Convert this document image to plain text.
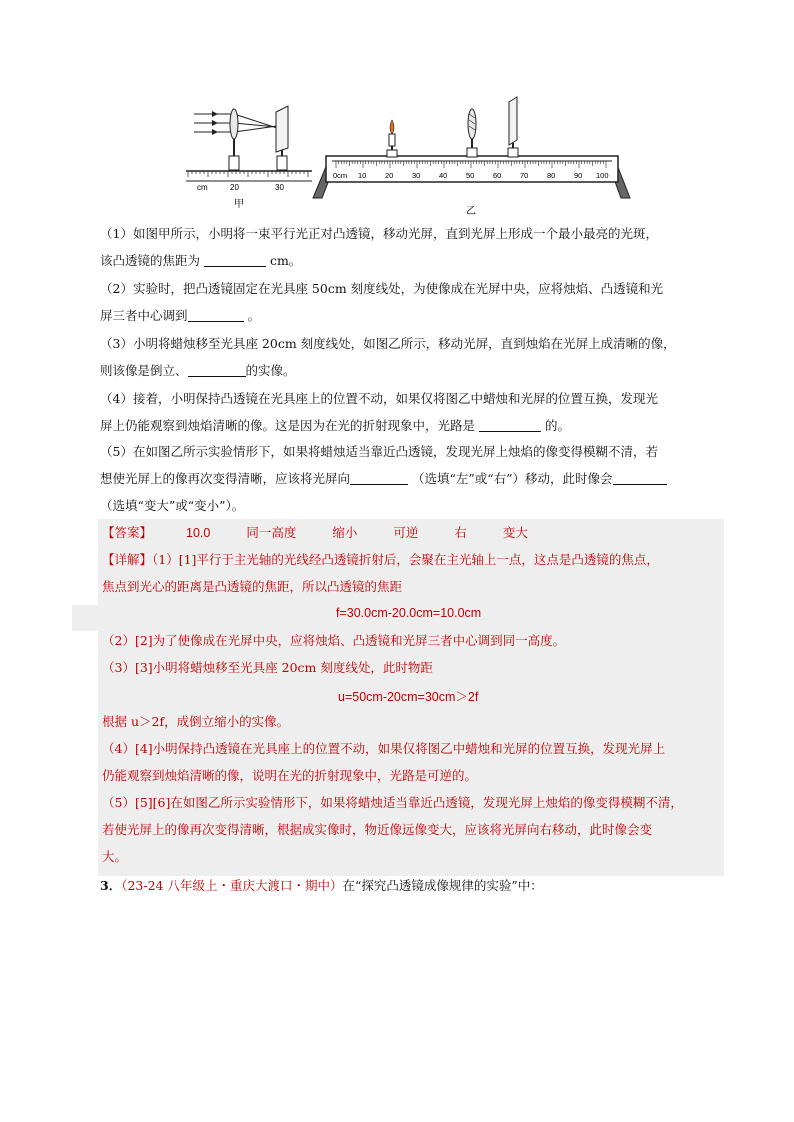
cm	20	30
甲
0cm 10 20 30 40 50 60 70 80 90 100
乙
（1）如图甲所示，小明将一束平行光正对凸透镜，移动光屏，直到光屏上形成一个最小最亮的光斑，
该凸透镜的焦距为	cm。
（2）实验时，把凸透镜固定在光具座 50cm 刻度线处，为使像成在光屏中央，应将烛焰、凸透镜和光
屏三者中心调到	。
（3）小明将蜡烛移至光具座 20cm 刻度线处，如图乙所示，移动光屏，直到烛焰在光屏上成清晰的像，
则该像是倒立、	的实像。
（4）接着，小明保持凸透镜在光具座上的位置不动，如果仅将图乙中蜡烛和光屏的位置互换，发现光
屏上仍能观察到烛焰清晰的像。这是因为在光的折射现象中，光路是	的。
（5）在如图乙所示实验情形下，如果将蜡烛适当靠近凸透镜，发现光屏上烛焰的像变得模糊不清，若
想使光屏上的像再次变得清晰，应该将光屏向	（选填“左”或“右”）移动，此时像会
（选填“变大”或“变小”）。
【答案】	10.0	同一高度	缩小	可逆	右	变大
【详解】（1）[1]平行于主光轴的光线经凸透镜折射后，会聚在主光轴上一点，这点是凸透镜的焦点，
焦点到光心的距离是凸透镜的焦距，所以凸透镜的焦距
f=30.0cm-20.0cm=10.0cm
（2）[2]为了使像成在光屏中央，应将烛焰、凸透镜和光屏三者中心调到同一高度。
（3）[3]小明将蜡烛移至光具座 20cm 刻度线处，此时物距
u=50cm-20cm=30cm＞2f
根据 u＞2f，成倒立缩小的实像。
（4）[4]小明保持凸透镜在光具座上的位置不动，如果仅将图乙中蜡烛和光屏的位置互换，发现光屏上
仍能观察到烛焰清晰的像，说明在光的折射现象中，光路是可逆的。
（5）[5][6]在如图乙所示实验情形下，如果将蜡烛适当靠近凸透镜，发现光屏上烛焰的像变得模糊不清，
若使光屏上的像再次变得清晰，根据成实像时，物近像远像变大，应该将光屏向右移动，此时像会变
大。
3．（23-24 八年级上・重庆大渡口・期中）在“探究凸透镜成像规律的实验”中：
